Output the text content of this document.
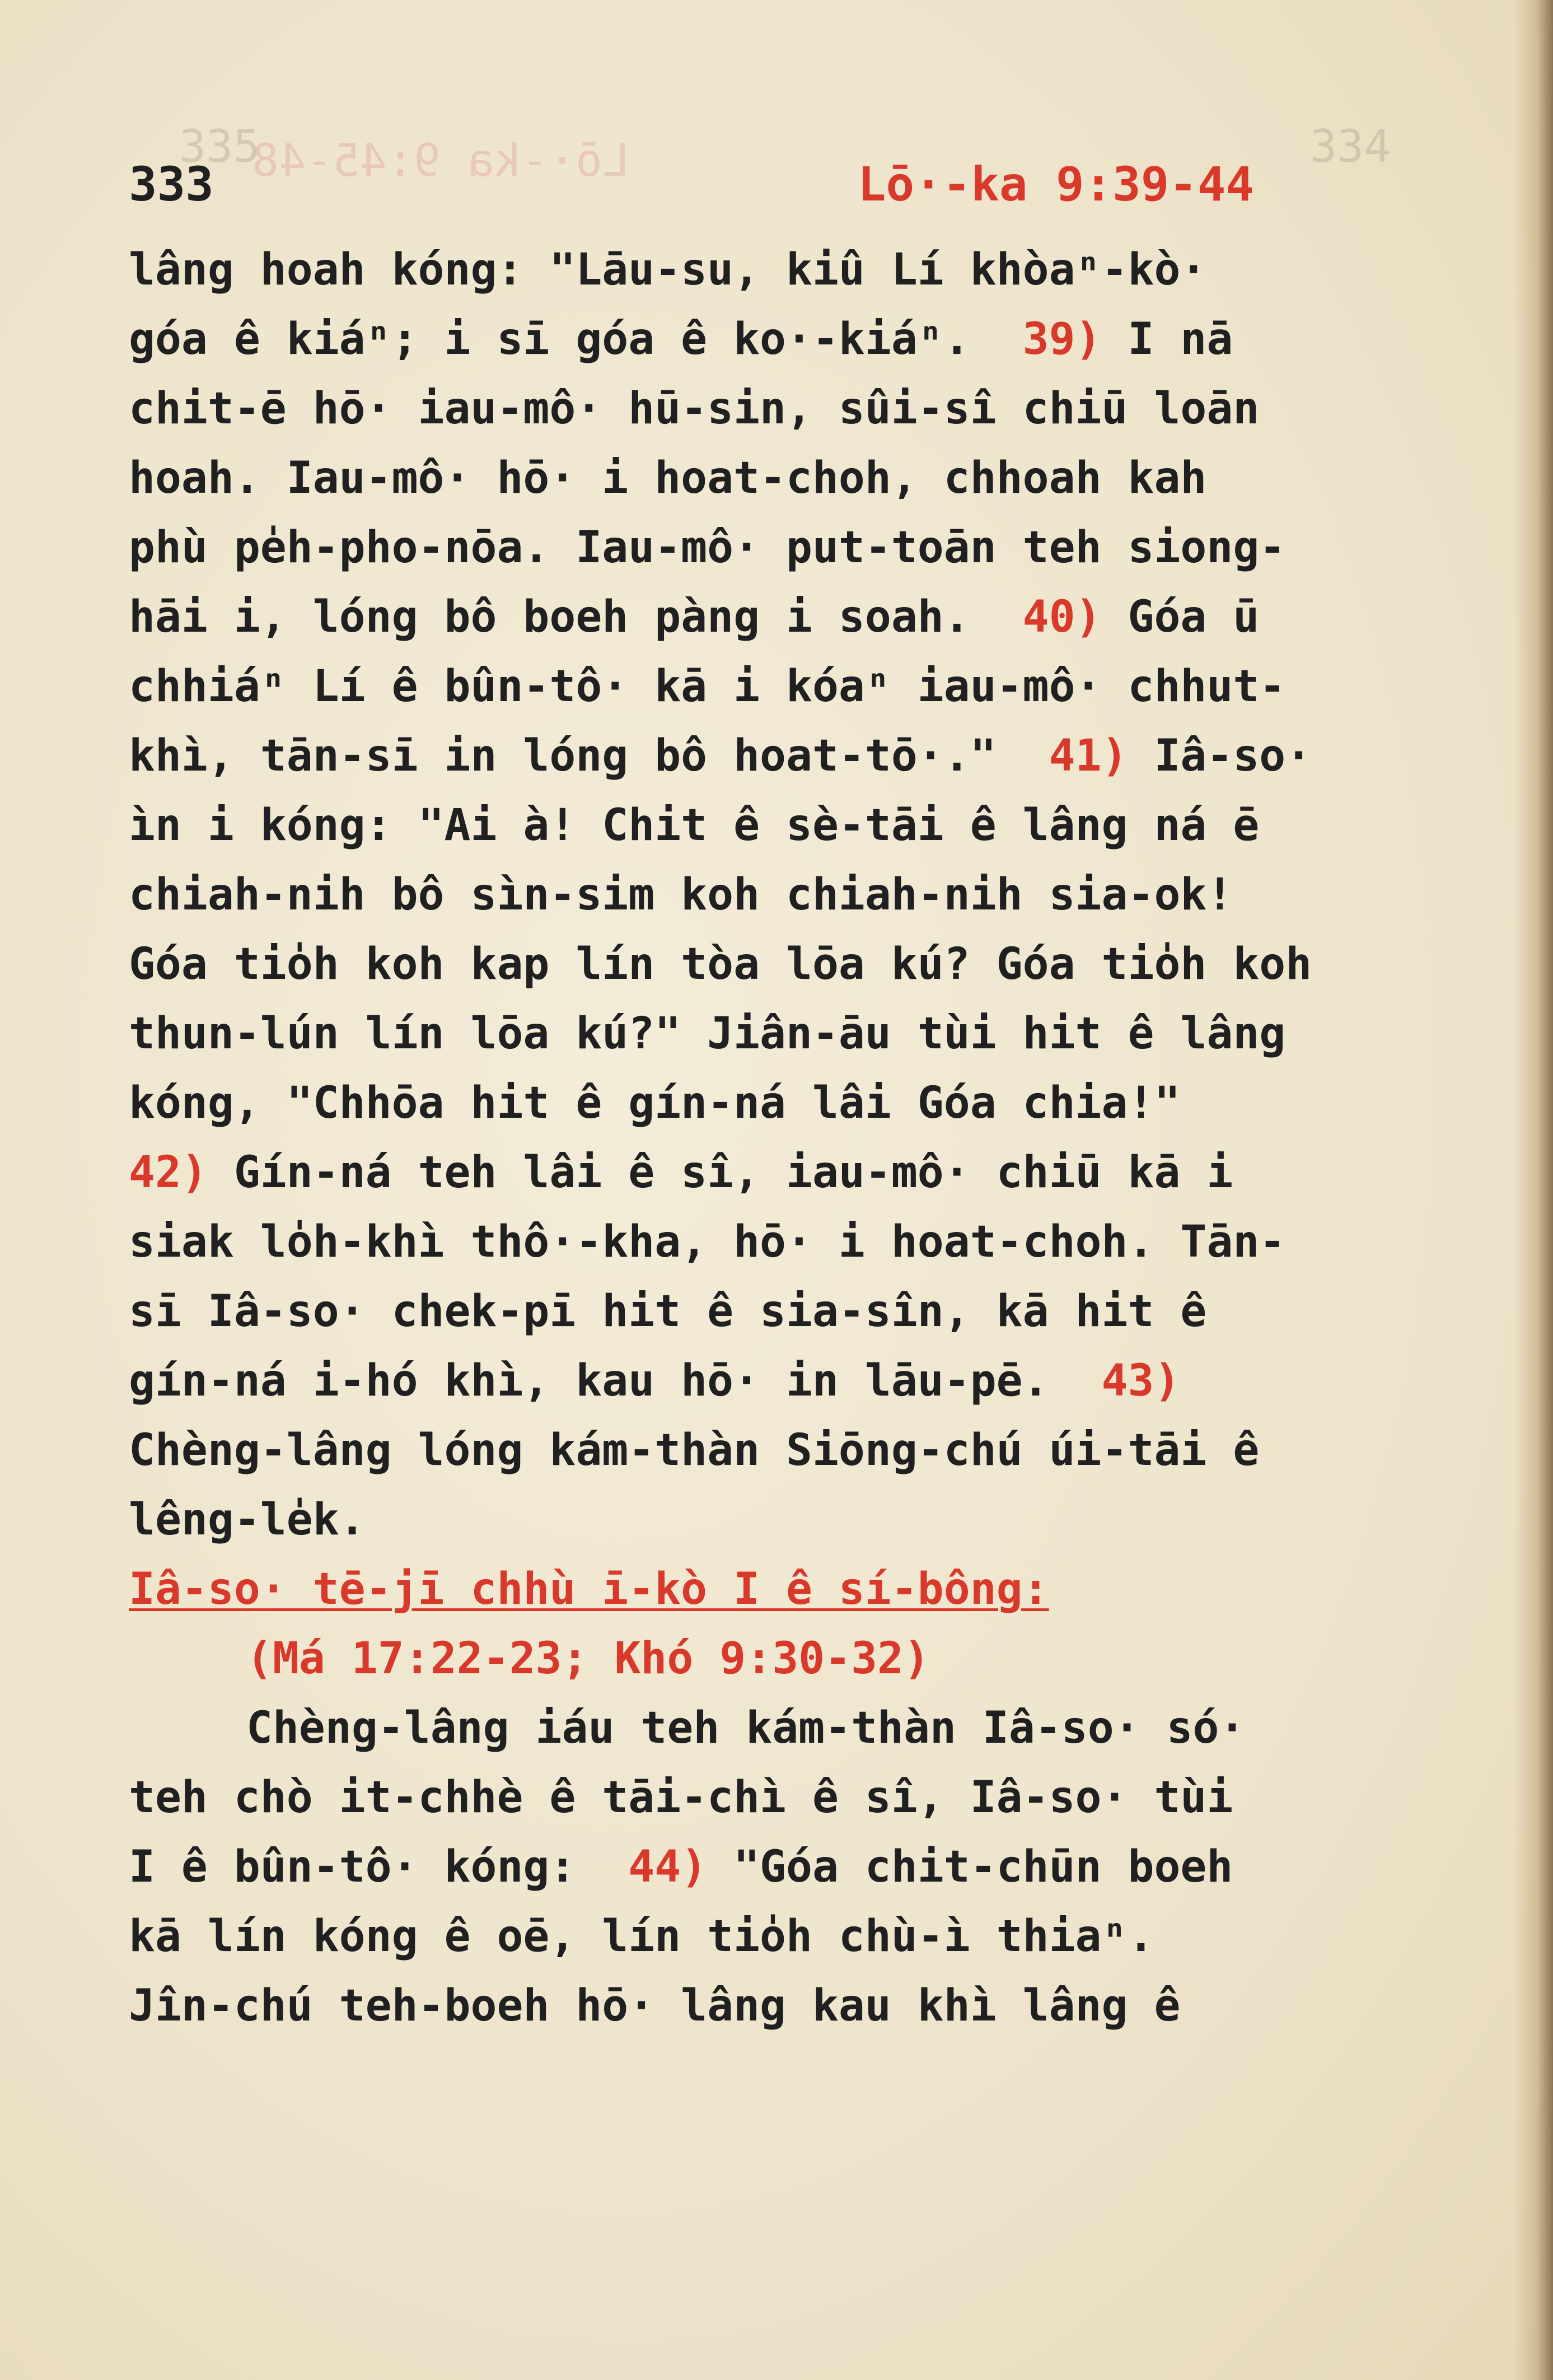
335
Lō·-ka 9:45-48	334
333	Lō·-ka 9:39-44
lâng hoah kóng: "Lāu-su, kiû Lí khòaⁿ-kò·
góa ê kiáⁿ; i sī góa ê ko·-kiáⁿ.  39) I nā
chit-ē hō· iau-mô· hū-sin, sûi-sî chiū loān
hoah. Iau-mô· hō· i hoat-choh, chhoah kah
phù pe̍h-pho-nōa. Iau-mô· put-toān teh siong-
hāi i, lóng bô boeh pàng i soah.  40) Góa ū
chhiáⁿ Lí ê bûn-tô· kā i kóaⁿ iau-mô· chhut-
khì, tān-sī in lóng bô hoat-tō·."  41) Iâ-so·
ìn i kóng: "Ai à! Chit ê sè-tāi ê lâng ná ē
chiah-nih bô sìn-sim koh chiah-nih sia-ok!
Góa tio̍h koh kap lín tòa lōa kú? Góa tio̍h koh
thun-lún lín lōa kú?" Jiân-āu tùi hit ê lâng
kóng, "Chhōa hit ê gín-ná lâi Góa chia!"
42) Gín-ná teh lâi ê sî, iau-mô· chiū kā i
siak lo̍h-khì thô·-kha, hō· i hoat-choh. Tān-
sī Iâ-so· chek-pī hit ê sia-sîn, kā hit ê
gín-ná i-hó khì, kau hō· in lāu-pē.  43)
Chèng-lâng lóng kám-thàn Siōng-chú úi-tāi ê
lêng-le̍k.
Iâ-so· tē-jī chhù ī-kò I ê sí-bông:
(Má 17:22-23; Khó 9:30-32)
Chèng-lâng iáu teh kám-thàn Iâ-so· só·
teh chò it-chhè ê tāi-chì ê sî, Iâ-so· tùi
I ê bûn-tô· kóng:  44) "Góa chit-chūn boeh
kā lín kóng ê oē, lín tio̍h chù-ì thiaⁿ.
Jîn-chú teh-boeh hō· lâng kau khì lâng ê
